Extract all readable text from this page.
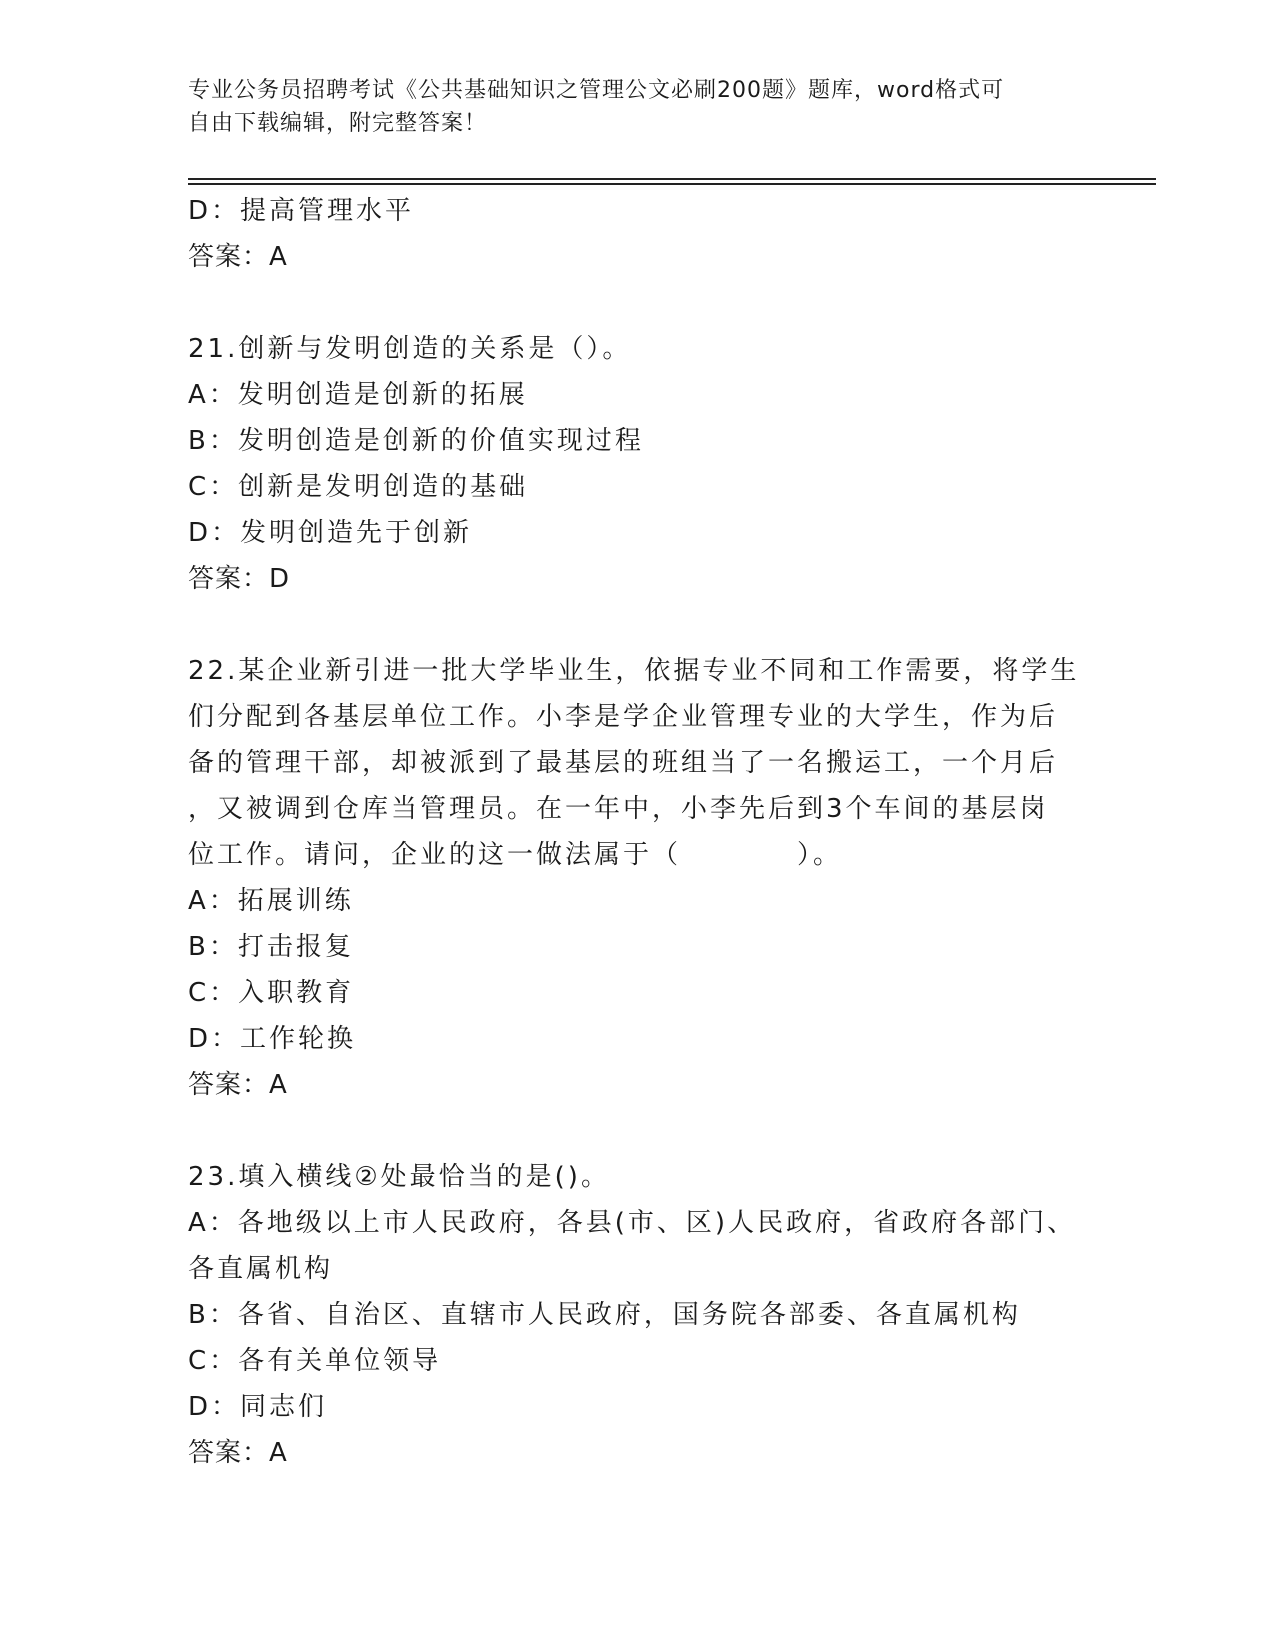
专业公务员招聘考试《公共基础知识之管理公文必刷200题》题库，word格式可
自由下载编辑，附完整答案！
D：提高管理水平
答案：A
21.创新与发明创造的关系是（）。
A：发明创造是创新的拓展
B：发明创造是创新的价值实现过程
C：创新是发明创造的基础
D：发明创造先于创新
答案：D
22.某企业新引进一批大学毕业生，依据专业不同和工作需要，将学生
们分配到各基层单位工作。小李是学企业管理专业的大学生，作为后
备的管理干部，却被派到了最基层的班组当了一名搬运工，一个月后
，又被调到仓库当管理员。在一年中，小李先后到3个车间的基层岗
位工作。请问，企业的这一做法属于（　　　　）。
A：拓展训练
B：打击报复
C：入职教育
D：工作轮换
答案：A
23.填入横线②处最恰当的是()。
A：各地级以上市人民政府，各县(市、区)人民政府，省政府各部门、
各直属机构
B：各省、自治区、直辖市人民政府，国务院各部委、各直属机构
C：各有关单位领导
D：同志们
答案：A
